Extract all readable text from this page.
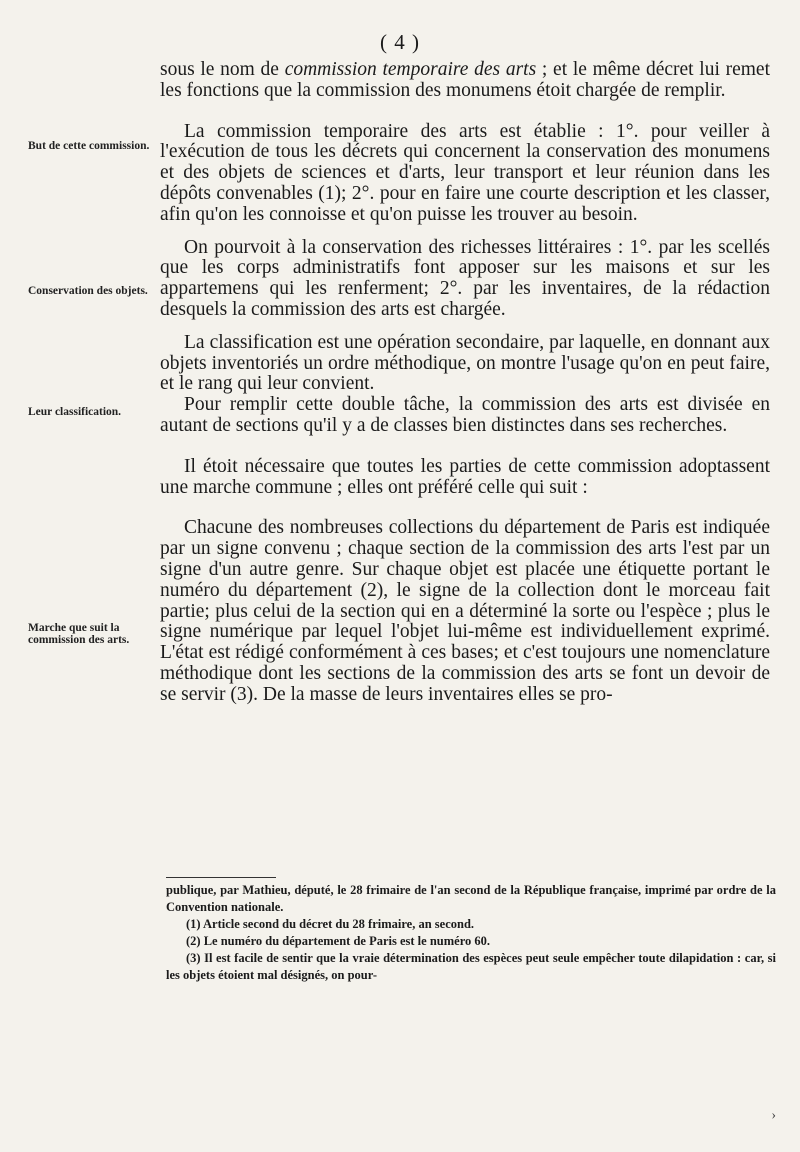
( 4 )
But de cette commission.
Conservation des objets.
Leur classification.
Marche que suit la commission des arts.

sous le nom de commission temporaire des arts ; et le même décret lui remet les fonctions que la commission des monumens étoit chargée de remplir.

La commission temporaire des arts est établie : 1°. pour veiller à l'exécution de tous les décrets qui concernent la conservation des monumens et des objets de sciences et d'arts, leur transport et leur réunion dans les dépôts convenables (1); 2°. pour en faire une courte description et les classer, afin qu'on les connoisse et qu'on puisse les trouver au besoin.

On pourvoit à la conservation des richesses littéraires : 1°. par les scellés que les corps administratifs font apposer sur les maisons et sur les appartemens qui les renferment; 2°. par les inventaires, de la rédaction desquels la commission des arts est chargée.

La classification est une opération secondaire, par laquelle, en donnant aux objets inventoriés un ordre méthodique, on montre l'usage qu'on en peut faire, et le rang qui leur convient.

Pour remplir cette double tâche, la commission des arts est divisée en autant de sections qu'il y a de classes bien distinctes dans ses recherches.

Il étoit nécessaire que toutes les parties de cette commission adoptassent une marche commune ; elles ont préféré celle qui suit :

Chacune des nombreuses collections du département de Paris est indiquée par un signe convenu ; chaque section de la commission des arts l'est par un signe d'un autre genre. Sur chaque objet est placée une étiquette portant le numéro du département (2), le signe de la collection dont le morceau fait partie; plus celui de la section qui en a déterminé la sorte ou l'espèce ; plus le signe numérique par lequel l'objet lui-même est individuellement exprimé. L'état est rédigé conformément à ces bases; et c'est toujours une nomenclature méthodique dont les sections de la commission des arts se font un devoir de se servir (3). De la masse de leurs inventaires elles se pro-

publique, par Mathieu, député, le 28 frimaire de l'an second de la République française, imprimé par ordre de la Convention nationale.

(1) Article second du décret du 28 frimaire, an second.

(2) Le numéro du département de Paris est le numéro 60.

(3) Il est facile de sentir que la vraie détermination des espèces peut seule empêcher toute dilapidation : car, si les objets étoient mal désignés, on pour-

›
